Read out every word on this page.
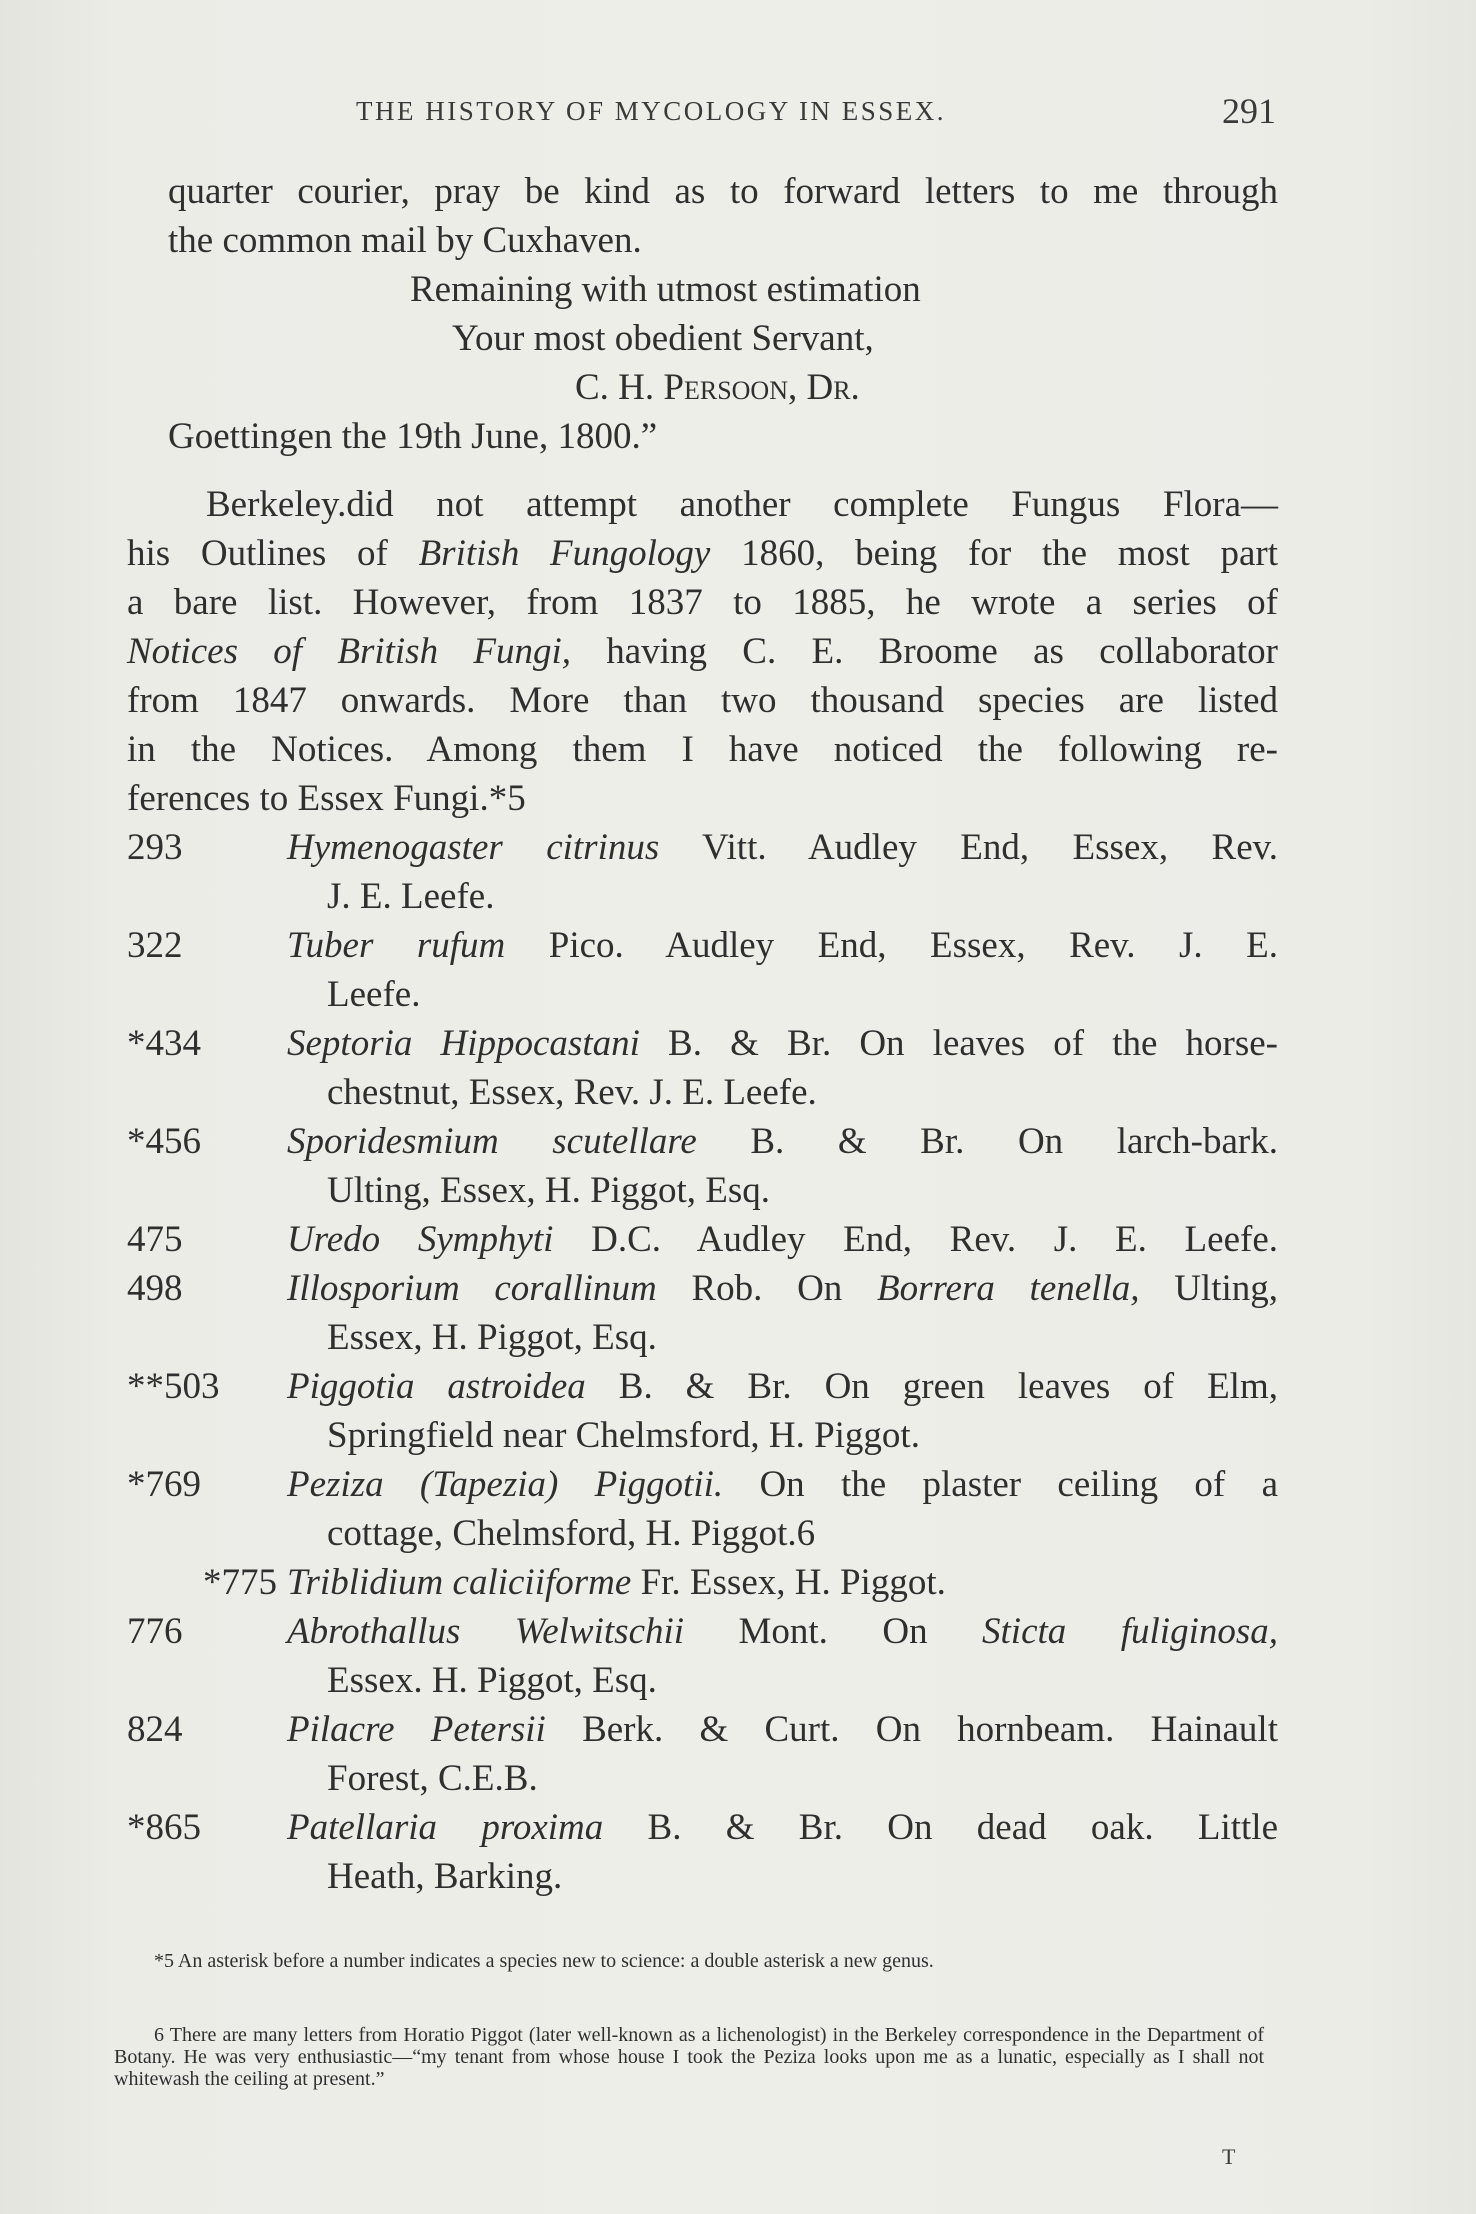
THE HISTORY OF MYCOLOGY IN ESSEX.	291
quarter courier, pray be kind as to forward letters to me through
the common mail by Cuxhaven.
Remaining with utmost estimation
Your most obedient Servant,
C. H. Persoon, Dr.
Goettingen the 19th June, 1800.”
Berkeley.did not attempt another complete Fungus Flora—
his Outlines of British Fungology 1860, being for the most part
a bare list. However, from 1837 to 1885, he wrote a series of
Notices of British Fungi, having C. E. Broome as collaborator
from 1847 onwards. More than two thousand species are listed
in the Notices. Among them I have noticed the following re-
ferences to Essex Fungi.*5
293	Hymenogaster citrinus Vitt. Audley End, Essex, Rev.
J. E. Leefe.
322	Tuber rufum Pico. Audley End, Essex, Rev. J. E.
Leefe.
*434 Septoria Hippocastani B. & Br. On leaves of the horse-
chestnut, Essex, Rev. J. E. Leefe.
*456 Sporidesmium scutellare B. & Br. On larch-bark.
Ulting, Essex, H. Piggot, Esq.
475	Uredo Symphyti D.C. Audley End, Rev. J. E. Leefe.
498	Illosporium corallinum Rob. On Borrera tenella, Ulting,
Essex, H. Piggot, Esq.
**503 Piggotia astroidea B. & Br. On green leaves of Elm,
Springfield near Chelmsford, H. Piggot.
*769 Peziza (Tapezia) Piggotii. On the plaster ceiling of a
cottage, Chelmsford, H. Piggot.6
*775 Triblidium caliciiforme Fr. Essex, H. Piggot.
776	Abrothallus Welwitschii Mont. On Sticta fuliginosa,
Essex. H. Piggot, Esq.
824	Pilacre Petersii Berk. & Curt. On hornbeam. Hainault
Forest, C.E.B.
*865 Patellaria proxima B. & Br. On dead oak. Little
Heath, Barking.
*5 An asterisk before a number indicates a species new to science: a double asterisk a new genus.
6 There are many letters from Horatio Piggot (later well-known as a lichenologist) in the Berkeley correspondence in the Department of Botany. He was very enthusiastic—“my tenant from whose house I took the Peziza looks upon me as a lunatic, especially as I shall not whitewash the ceiling at present.”
T
